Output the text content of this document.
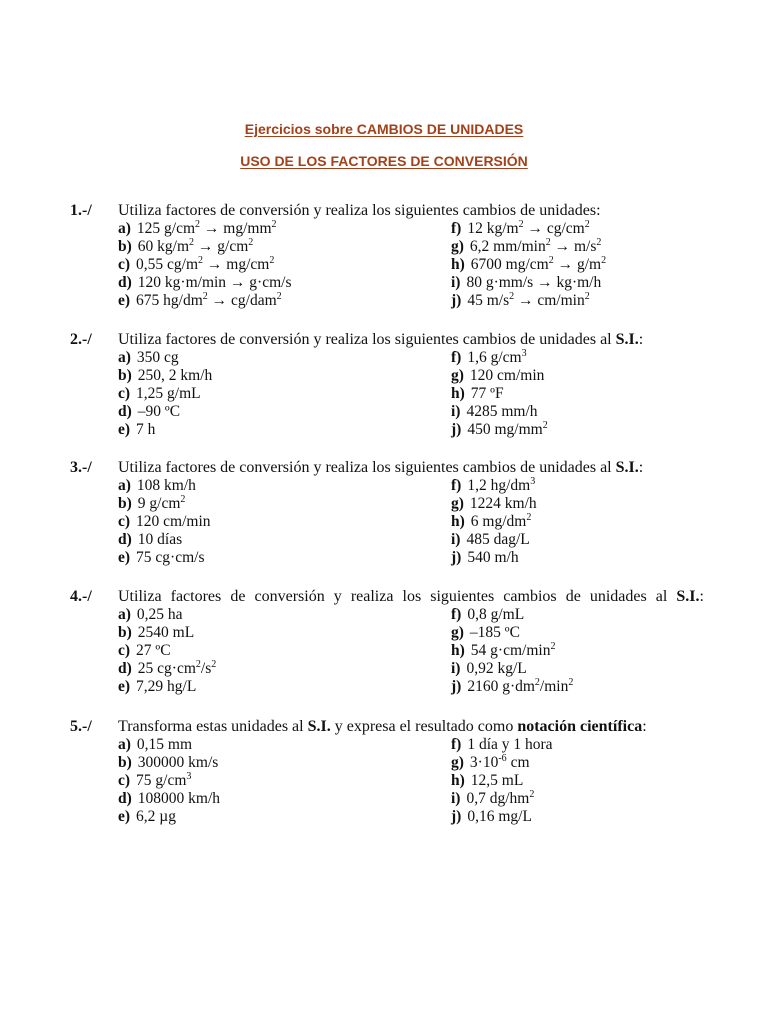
Ejercicios sobre CAMBIOS DE UNIDADES
USO DE LOS FACTORES DE CONVERSIÓN
1.-/ Utiliza factores de conversión y realiza los siguientes cambios de unidades:
a) 125 $g/cm^2 \to mg/mm^2$
b) 60 $kg/m^2 \to g/cm^2$
c) 0,55 $cg/m^2 \to mg/cm^2$
d) 120 kg·m/min → g·cm/s
e) 675 $hg/dm^2 \to cg/dam^2$
f) 12 $kg/m^2 \to cg/cm^2$
g) 6,2 $mm/\min^2 \to m/s^2$
h) 6700 $mg/cm^2 \to g/m^2$
i) 80 g·mm/s → kg·m/h
j) 45 $m/s^2 \to cm/\min^2$
2.-/ Utiliza factores de conversión y realiza los siguientes cambios de unidades al S.I.:
a) 350 cg
b) 250, 2 km/h
c) 1,25 g/mL
d) –90 ºC
e) 7 h
f) 1,6 $g/cm^3$
g) 120 cm/min
h) 77 ºF
i) 4285 mm/h
j) 450 $mg/mm^2$
3.-/ Utiliza factores de conversión y realiza los siguientes cambios de unidades al S.I.:
a) 108 km/h
b) 9 $g/cm^2$
c) 120 cm/min
d) 10 días
e) 75 cg·cm/s
f) 1,2 $hg/dm^3$
g) 1224 km/h
h) 6 $mg/dm^2$
i) 485 dag/L
j) 540 m/h
4.-/ Utiliza factores de conversión y realiza los siguientes cambios de unidades al S.I.:
a) 0,25 ha
b) 2540 mL
c) 27 ºC
d) 25 $cg\cdot cm^2/s^2$
e) 7,29 hg/L
f) 0,8 g/mL
g) –185 ºC
h) 54 $g\cdot cm/\min^2$
i) 0,92 kg/L
j) 2160 $g\cdot dm^2/\min^2$
5.-/ Transforma estas unidades al S.I. y expresa el resultado como notación científica:
a) 0,15 mm
b) 300000 km/s
c) 75 $g/cm^3$
d) 108000 km/h
e) 6,2 µg
f) 1 día y 1 hora
g) $3\cdot 10^{-6}$ cm
h) 12,5 mL
i) 0,7 $dg/hm^2$
j) 0,16 mg/L
